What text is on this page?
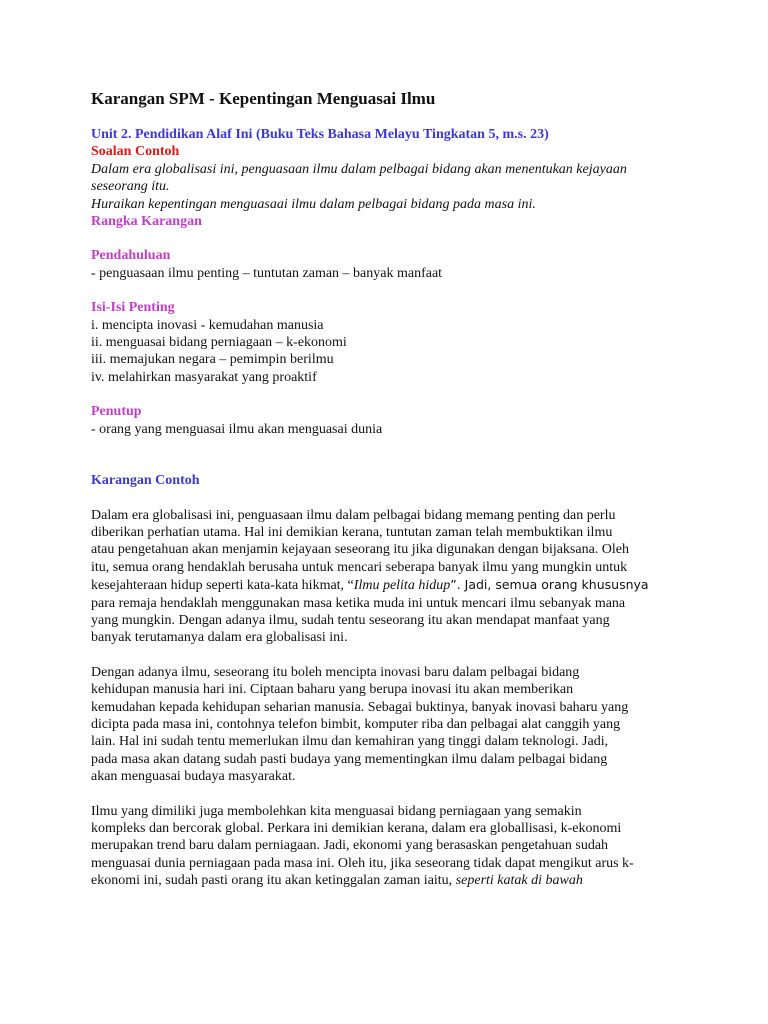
Karangan SPM - Kepentingan Menguasai Ilmu
Unit 2. Pendidikan Alaf Ini (Buku Teks Bahasa Melayu Tingkatan 5, m.s. 23)
Soalan Contoh
Dalam era globalisasi ini, penguasaan ilmu dalam pelbagai bidang akan menentukan kejayaan
seseorang itu.
Huraikan kepentingan menguasaai ilmu dalam pelbagai bidang pada masa ini.
Rangka Karangan
Pendahuluan
- penguasaan ilmu penting – tuntutan zaman – banyak manfaat
Isi-Isi Penting
i. mencipta inovasi - kemudahan manusia
ii. menguasai bidang perniagaan – k-ekonomi
iii. memajukan negara – pemimpin berilmu
iv. melahirkan masyarakat yang proaktif
Penutup
- orang yang menguasai ilmu akan menguasai dunia
Karangan Contoh
Dalam era globalisasi ini, penguasaan ilmu dalam pelbagai bidang memang penting dan perlu
diberikan perhatian utama. Hal ini demikian kerana, tuntutan zaman telah membuktikan ilmu
atau pengetahuan akan menjamin kejayaan seseorang itu jika digunakan dengan bijaksana. Oleh
itu, semua orang hendaklah berusaha untuk mencari seberapa banyak ilmu yang mungkin untuk
kesejahteraan hidup seperti kata-kata hikmat, “Ilmu pelita hidup”. Jadi, semua orang khususnya
para remaja hendaklah menggunakan masa ketika muda ini untuk mencari ilmu sebanyak mana
yang mungkin. Dengan adanya ilmu, sudah tentu seseorang itu akan mendapat manfaat yang
banyak terutamanya dalam era globalisasi ini.
Dengan adanya ilmu, seseorang itu boleh mencipta inovasi baru dalam pelbagai bidang
kehidupan manusia hari ini. Ciptaan baharu yang berupa inovasi itu akan memberikan
kemudahan kepada kehidupan seharian manusia. Sebagai buktinya, banyak inovasi baharu yang
dicipta pada masa ini, contohnya telefon bimbit, komputer riba dan pelbagai alat canggih yang
lain. Hal ini sudah tentu memerlukan ilmu dan kemahiran yang tinggi dalam teknologi. Jadi,
pada masa akan datang sudah pasti budaya yang mementingkan ilmu dalam pelbagai bidang
akan menguasai budaya masyarakat.
Ilmu yang dimiliki juga membolehkan kita menguasai bidang perniagaan yang semakin
kompleks dan bercorak global. Perkara ini demikian kerana, dalam era globallisasi, k-ekonomi
merupakan trend baru dalam perniagaan. Jadi, ekonomi yang berasaskan pengetahuan sudah
menguasai dunia perniagaan pada masa ini. Oleh itu, jika seseorang tidak dapat mengikut arus k-
ekonomi ini, sudah pasti orang itu akan ketinggalan zaman iaitu, seperti katak di bawah
